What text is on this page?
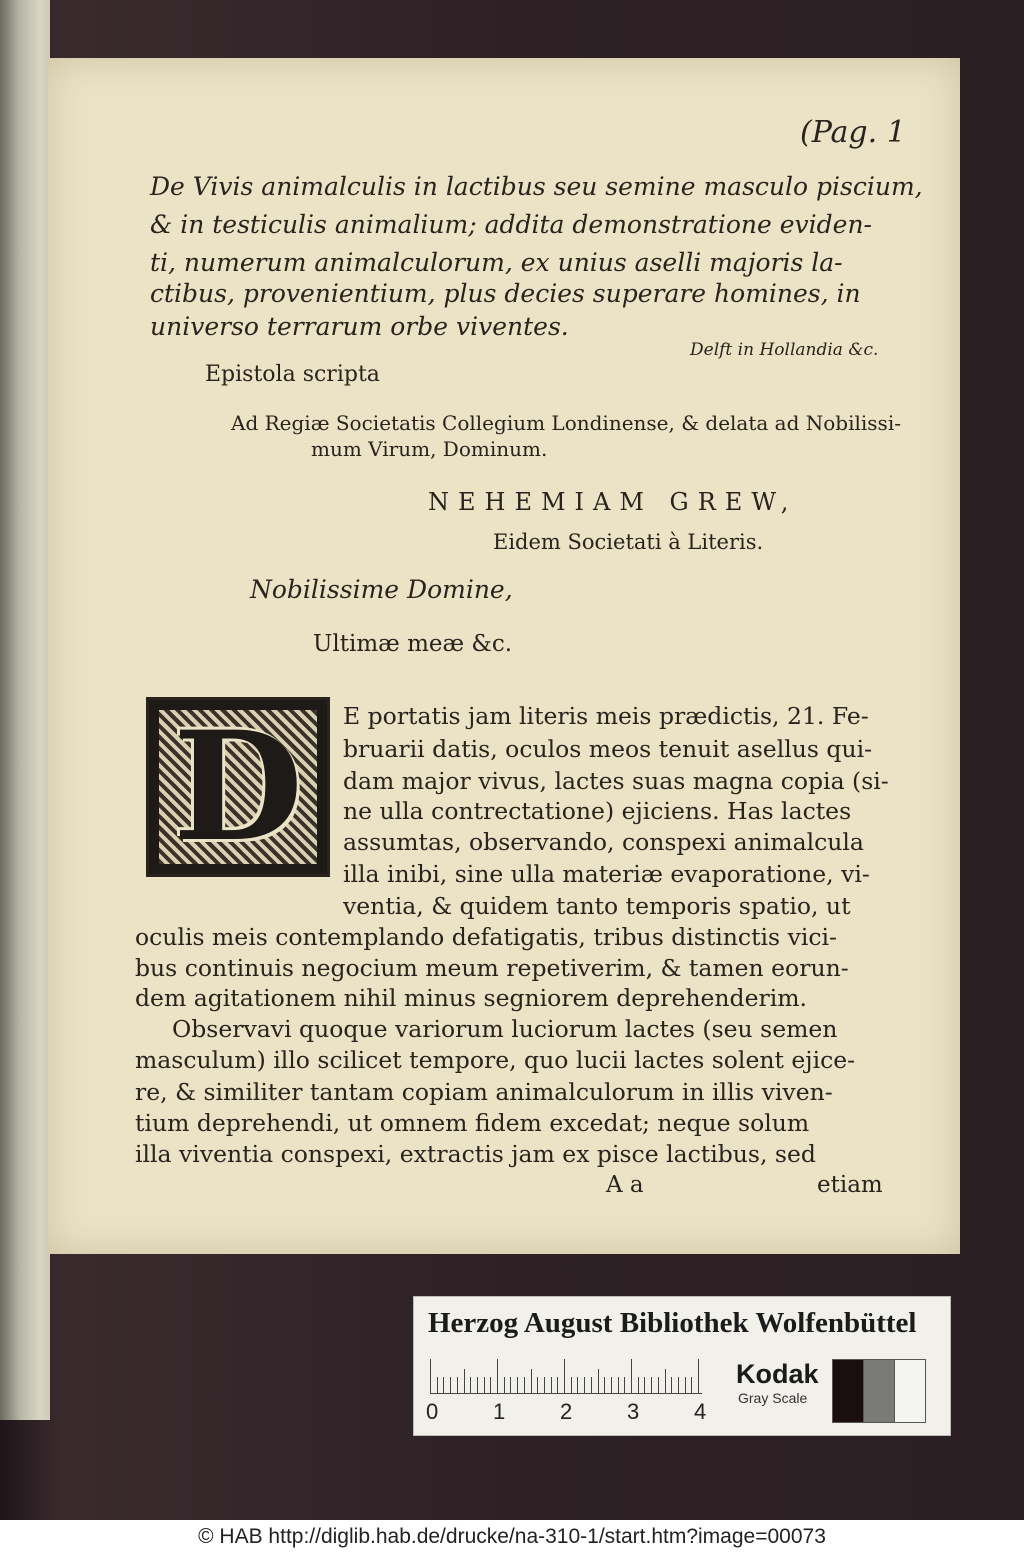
(Pag. 1
De Vivis animalculis in lactibus seu semine masculo piscium,
& in testiculis animalium; addita demonstratione eviden-
ti, numerum animalculorum, ex unius aselli majoris la-
ctibus, provenientium, plus decies superare homines, in
universo terrarum orbe viventes.
Delft in Hollandia &c.
Epistola scripta
Ad Regiæ Societatis Collegium Londinense, & delata ad Nobilissi-
mum Virum, Dominum.
NEHEMIAM GREW,
Eidem Societati à Literis.
Nobilissime Domine,
Ultimæ meæ &c.
D	E portatis jam literis meis prædictis, 21. Fe-
bruarii datis, oculos meos tenuit asellus qui-
dam major vivus, lactes suas magna copia (si-
ne ulla contrectatione) ejiciens. Has lactes
assumtas, observando, conspexi animalcula
illa inibi, sine ulla materiæ evaporatione, vi-
ventia, & quidem tanto temporis spatio, ut
oculis meis contemplando defatigatis, tribus distinctis vici-
bus continuis negocium meum repetiverim, & tamen eorun-
dem agitationem nihil minus segniorem deprehenderim.
Observavi quoque variorum luciorum lactes (seu semen
masculum) illo scilicet tempore, quo lucii lactes solent ejice-
re, & similiter tantam copiam animalculorum in illis viven-
tium deprehendi, ut omnem fidem excedat; neque solum
illa viventia conspexi, extractis jam ex pisce lactibus, sed
A a	etiam
Herzog August Bibliothek Wolfenbüttel
0 1 2 3 4
Kodak
Gray Scale
© HAB http://diglib.hab.de/drucke/na-310-1/start.htm?image=00073
